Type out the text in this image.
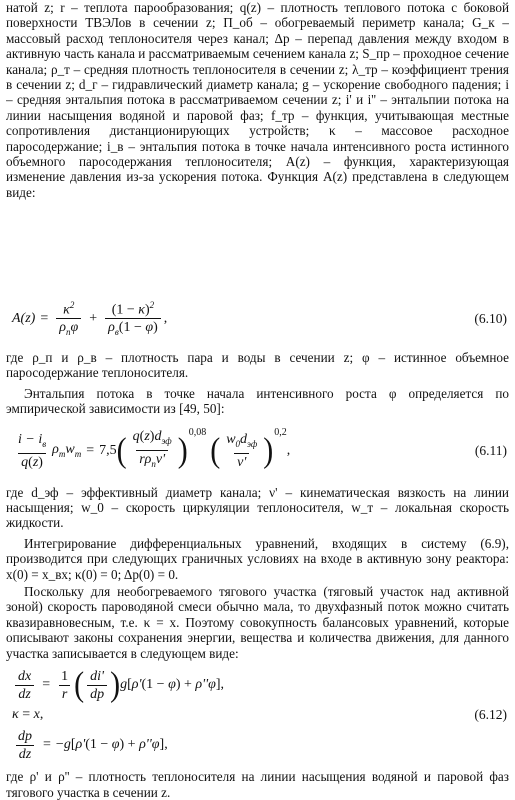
натой z; r – теплота парообразования; q(z) – плотность теплового потока с боковой поверхности ТВЭЛов в сечении z; П_об – обогреваемый периметр канала; G_к – массовый расход теплоносителя через канал; Δp – перепад давления между входом в активную часть канала и рассматриваемым сечением канала z; S_пр – проходное сечение канала; ρ_т – средняя плотность теплоносителя в сечении z; λ_тр – коэффициент трения в сечении z; d_г – гидравлический диаметр канала; g – ускорение свободного падения; i – средняя энтальпия потока в рассматриваемом сечении z; i' и i'' – энтальпии потока на линии насыщения водяной и паровой фаз; f_тр – функция, учитывающая местные сопротивления дистанционирующих устройств; κ – массовое расходное паросодержание; i_в – энтальпия потока в точке начала интенсивного роста истинного объемного паросодержания теплоносителя; A(z) – функция, характеризующая изменение давления из-за ускорения потока. Функция A(z) представлена в следующем виде:

$A(z) = \frac{\kappa^2}{\rho_п\varphi} + \frac{(1 - \kappa)^2}{\rho_в(1 - \varphi)}$ ,	(6.10)

где ρ_п и ρ_в – плотность пара и воды в сечении z; φ – истинное объемное паросодержание теплоносителя.

Энтальпия потока в точке начала интенсивного роста φ определяется по эмпирической зависимости из [49, 50]:

$\frac{i - i_в}{q(z)} \rho_тw_т = 7,5$ ( $\frac{q(z)d_{эф}}{r\rho_п\nu'}$ ) 0,08 ( $\frac{w_0d_{эф}}{\nu'}$ ) 0,2
,	(6.11)

где d_эф – эффективный диаметр канала; ν' – кинематическая вязкость на линии насыщения; w_0 – скорость циркуляции теплоносителя, w_т – локальная скорость жидкости.

Интегрирование дифференциальных уравнений, входящих в систему (6.9), производится при следующих граничных условиях на входе в активную зону реактора: x(0) = x_вх; κ(0) = 0; Δp(0) = 0.

Поскольку для необогреваемого тягового участка (тяговый участок над активной зоной) скорость пароводяной смеси обычно мала, то двухфазный поток можно считать квазиравновесным, т.е. κ = x. Поэтому совокупность балансовых уравнений, которые описывают законы сохранения энергии, вещества и количества движения, для данного участка записывается в следующем виде:

$\frac{dx}{dz} = \frac{1}{r}$ ( $\frac{di'}{dp}$ ) g[ρ'(1 − φ) + ρ''φ],
κ = x,
$\frac{dp}{dz} = -g[\rho'(1 - \varphi) + \rho''\varphi]$,
(6.12)

где ρ' и ρ'' – плотность теплоносителя на линии насыщения водяной и паровой фаз тягового участка в сечении z.
